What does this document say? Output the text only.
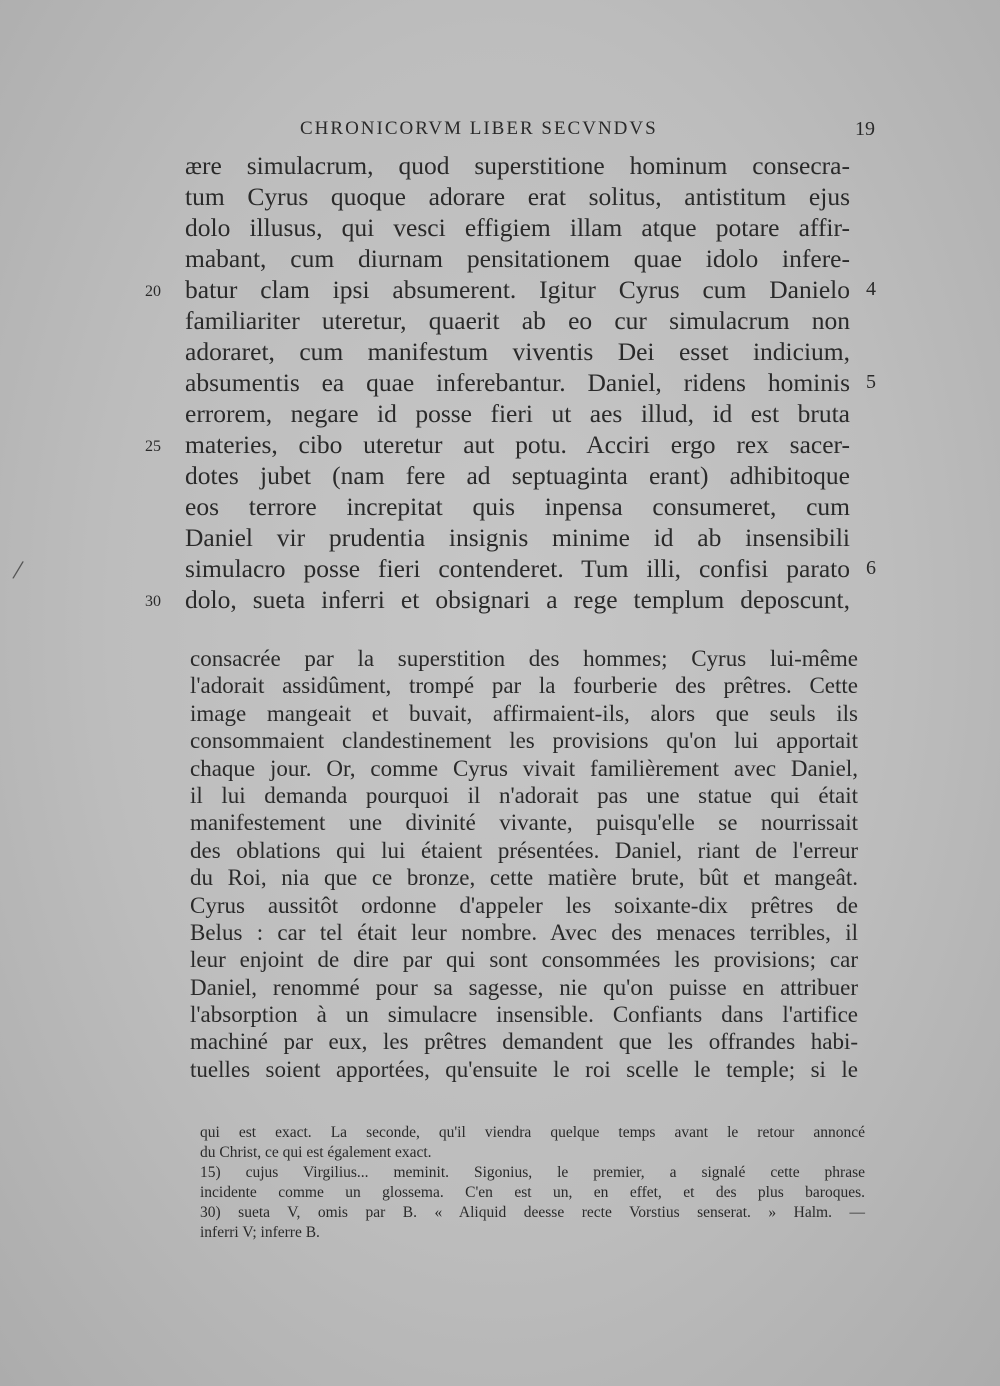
CHRONICORVM LIBER SECVNDVS	19
ære simulacrum, quod superstitione hominum consecra-
tum Cyrus quoque adorare erat solitus, antistitum ejus
dolo illusus, qui vesci effigiem illam atque potare affir-
mabant, cum diurnam pensitationem quae idolo infere-
20 batur clam ipsi absumerent. Igitur Cyrus cum Danielo 4
familiariter uteretur, quaerit ab eo cur simulacrum non
adoraret, cum manifestum viventis Dei esset indicium,
absumentis ea quae inferebantur. Daniel, ridens hominis 5
errorem, negare id posse fieri ut aes illud, id est bruta
25 materies, cibo uteretur aut potu. Acciri ergo rex sacer-
dotes jubet (nam fere ad septuaginta erant) adhibitoque
eos terrore increpitat quis inpensa consumeret, cum
Daniel vir prudentia insignis minime id ab insensibili
simulacro posse fieri contenderet. Tum illi, confisi parato 6
30 dolo, sueta inferri et obsignari a rege templum deposcunt,
consacrée par la superstition des hommes; Cyrus lui-même
l'adorait assidûment, trompé par la fourberie des prêtres. Cette
image mangeait et buvait, affirmaient-ils, alors que seuls ils
consommaient clandestinement les provisions qu'on lui apportait
chaque jour. Or, comme Cyrus vivait familièrement avec Daniel,
il lui demanda pourquoi il n'adorait pas une statue qui était
manifestement une divinité vivante, puisqu'elle se nourrissait
des oblations qui lui étaient présentées. Daniel, riant de l'erreur
du Roi, nia que ce bronze, cette matière brute, bût et mangeât.
Cyrus aussitôt ordonne d'appeler les soixante-dix prêtres de
Belus : car tel était leur nombre. Avec des menaces terribles, il
leur enjoint de dire par qui sont consommées les provisions; car
Daniel, renommé pour sa sagesse, nie qu'on puisse en attribuer
l'absorption à un simulacre insensible. Confiants dans l'artifice
machiné par eux, les prêtres demandent que les offrandes habi-
tuelles soient apportées, qu'ensuite le roi scelle le temple; si le
qui est exact. La seconde, qu'il viendra quelque temps avant le retour annoncé
du Christ, ce qui est également exact.
15) cujus Virgilius... meminit. Sigonius, le premier, a signalé cette phrase
incidente comme un glossema. C'en est un, en effet, et des plus baroques.
30) sueta V, omis par B. « Aliquid deesse recte Vorstius senserat. » Halm. —
inferri V; inferre B.
/
